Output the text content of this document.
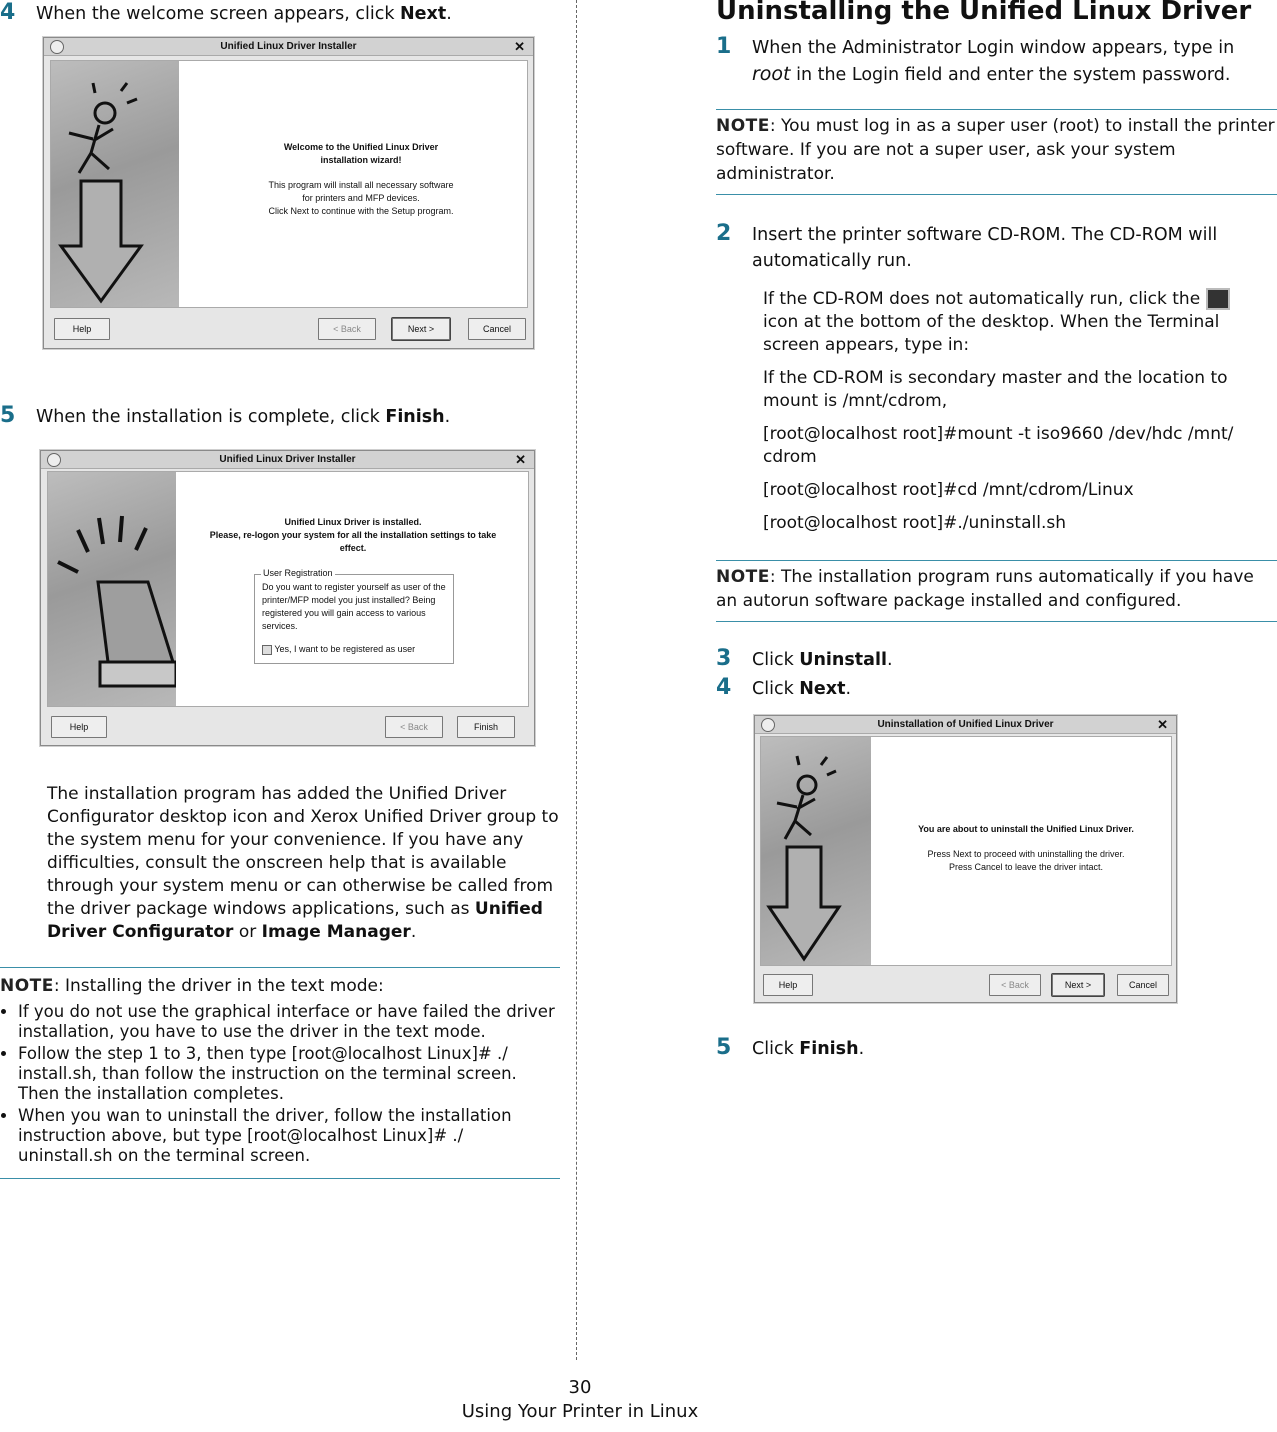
4 When the welcome screen appears, click Next.
Unified Linux Driver Installer	✕
Welcome to the Unified Linux Driver installation wizard!
This program will install all necessary software
for printers and MFP devices.
Click Next to continue with the Setup program.
Help	< Back	Next >	Cancel
5 When the installation is complete, click Finish.
Unified Linux Driver Installer	✕
Unified Linux Driver is installed.
Please, re-logon your system for all the installation settings to take effect.
User Registration
Do you want to register yourself as user of the printer/MFP model you just installed? Being registered you will gain access to various services.
Yes, I want to be registered as user
Help	< Back	Finish
The installation program has added the Unified Driver Configurator desktop icon and Xerox Unified Driver group to the system menu for your convenience. If you have any difficulties, consult the onscreen help that is available through your system menu or can otherwise be called from the driver package windows applications, such as Unified Driver Configurator or Image Manager.
NOTE: Installing the driver in the text mode:
• If you do not use the graphical interface or have failed the driver installation, you have to use the driver in the text mode.
• Follow the step 1 to 3, then type [root@localhost Linux]# ./ install.sh, than follow the instruction on the terminal screen. Then the installation completes.
• When you wan to uninstall the driver, follow the installation instruction above, but type [root@localhost Linux]# ./ uninstall.sh on the terminal screen.
Uninstalling the Unified Linux Driver
1 When the Administrator Login window appears, type in root in the Login field and enter the system password.
NOTE: You must log in as a super user (root) to install the printer software. If you are not a super user, ask your system administrator.
2 Insert the printer software CD-ROM. The CD-ROM will automatically run.
If the CD-ROM does not automatically run, click the
icon at the bottom of the desktop. When the Terminal screen appears, type in:
If the CD-ROM is secondary master and the location to mount is /mnt/cdrom,
[root@localhost root]#mount -t iso9660 /dev/hdc /mnt/ cdrom
[root@localhost root]#cd /mnt/cdrom/Linux
[root@localhost root]#./uninstall.sh
NOTE: The installation program runs automatically if you have an autorun software package installed and configured.
3 Click Uninstall.
4 Click Next.
Uninstallation of Unified Linux Driver	✕
You are about to uninstall the Unified Linux Driver.
Press Next to proceed with uninstalling the driver.
Press Cancel to leave the driver intact.
Help	< Back	Next >	Cancel
5 Click Finish.
30
Using Your Printer in Linux
